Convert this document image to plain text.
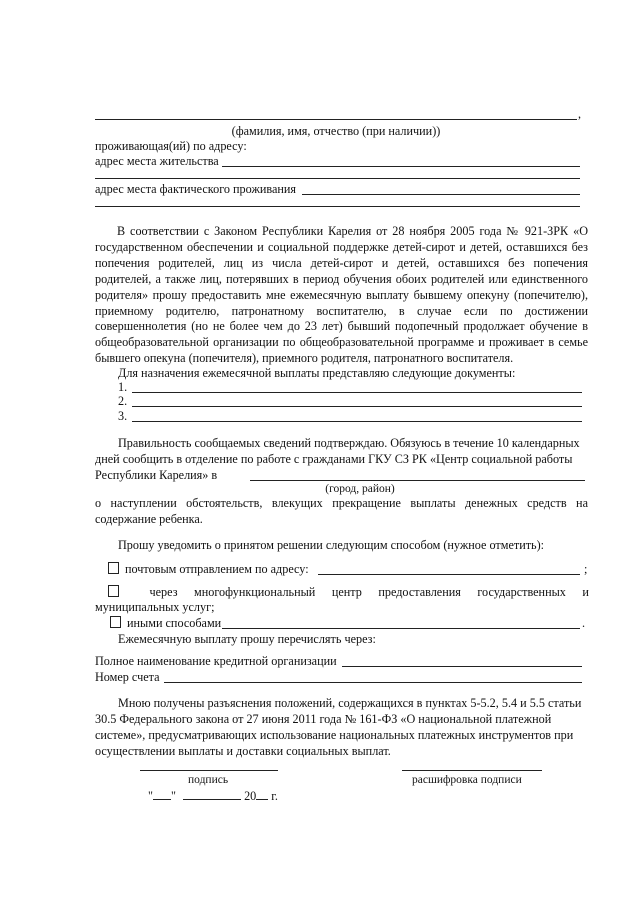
,
(фамилия, имя, отчество (при наличии))
проживающая(ий) по адресу:
адрес места жительства
адрес места фактического проживания
В соответствии с Законом Республики Карелия от 28 ноября 2005 года № 921-ЗРК «О государственном обеспечении и социальной поддержке детей-сирот и детей, оставшихся без попечения родителей, лиц из числа детей-сирот и детей, оставшихся без попечения родителей, а также лиц, потерявших в период обучения обоих родителей или единственного родителя» прошу предоставить мне ежемесячную выплату бывшему опекуну (попечителю), приемному родителю, патронатному воспитателю, в случае если по достижении совершеннолетия (но не более чем до 23 лет) бывший подопечный продолжает обучение в общеобразовательной организации по общеобразовательной программе и проживает в семье бывшего опекуна (попечителя), приемного родителя, патронатного воспитателя.
Для назначения ежемесячной выплаты представляю следующие документы:
1.
2.
3.
Правильность сообщаемых сведений подтверждаю. Обязуюсь в течение 10 календарных
дней сообщить в отделение по работе с гражданами ГКУ СЗ РК «Центр социальной работы
Республики Карелия» в
(город, район)
о наступлении обстоятельств, влекущих прекращение выплаты денежных средств на
содержание ребенка.
Прошу уведомить о принятом решении следующим способом (нужное отметить):
почтовым отправлением по адресу:	;
через многофункциональный центр предоставления государственных и
муниципальных услуг;
иными способами	.
Ежемесячную выплату прошу перечислять через:
Полное наименование кредитной организации
Номер счета
Мною получены разъяснения положений, содержащихся в пунктах 5-5.2, 5.4 и 5.5 статьи
30.5 Федерального закона от 27 июня 2011 года № 161-ФЗ «О национальной платежной
системе», предусматривающих использование национальных платежных инструментов при
осуществлении выплаты и доставки социальных выплат.
подпись	расшифровка подписи
" "	20 г.
